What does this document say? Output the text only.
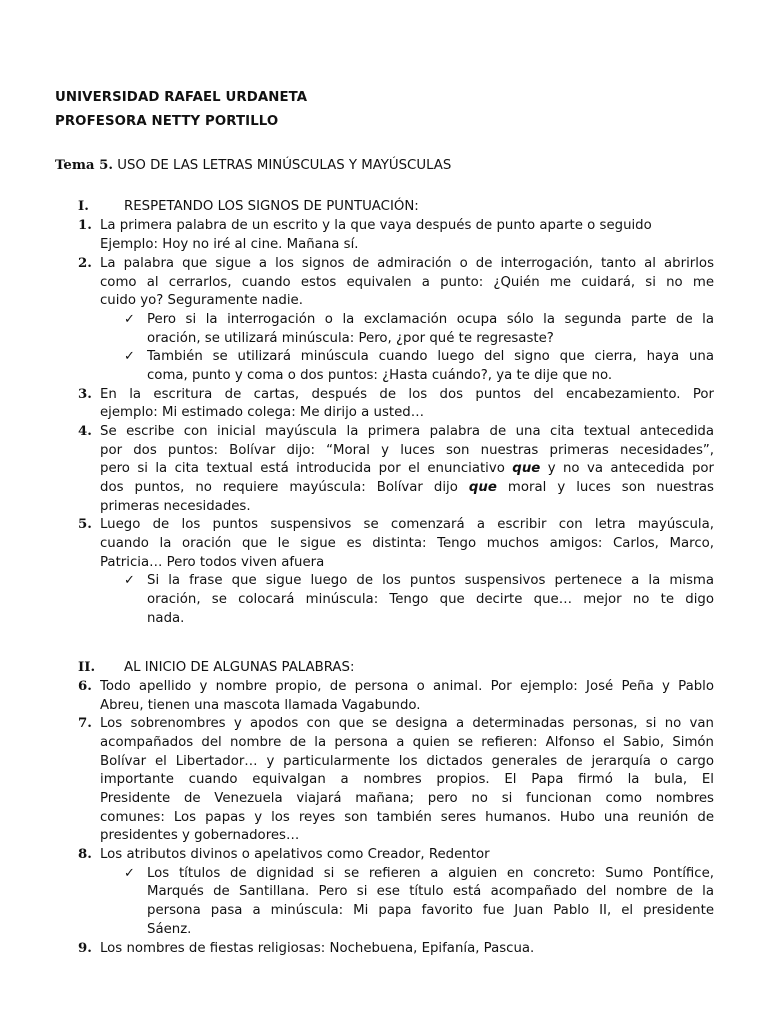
UNIVERSIDAD RAFAEL URDANETA
PROFESORA NETTY PORTILLO
Tema 5. USO DE LAS LETRAS MINÚSCULAS Y MAYÚSCULAS
I.	RESPETANDO LOS SIGNOS DE PUNTUACIÓN:
1. La primera palabra de un escrito y la que vaya después de punto aparte o seguido
Ejemplo: Hoy no iré al cine. Mañana sí.
2. La palabra que sigue a los signos de admiración o de interrogación, tanto al abrirlos
como al cerrarlos, cuando estos equivalen a punto: ¿Quién me cuidará, si no me
cuido yo? Seguramente nadie.
✓ Pero si la interrogación o la exclamación ocupa sólo la segunda parte de la
oración, se utilizará minúscula: Pero, ¿por qué te regresaste?
✓ También se utilizará minúscula cuando luego del signo que cierra, haya una
coma, punto y coma o dos puntos: ¿Hasta cuándo?, ya te dije que no.
3. En la escritura de cartas, después de los dos puntos del encabezamiento. Por
ejemplo: Mi estimado colega: Me dirijo a usted…
4. Se escribe con inicial mayúscula la primera palabra de una cita textual antecedida
por dos puntos: Bolívar dijo: “Moral y luces son nuestras primeras necesidades”,
pero si la cita textual está introducida por el enunciativo que y no va antecedida por
dos puntos, no requiere mayúscula: Bolívar dijo que moral y luces son nuestras
primeras necesidades.
5. Luego de los puntos suspensivos se comenzará a escribir con letra mayúscula,
cuando la oración que le sigue es distinta: Tengo muchos amigos: Carlos, Marco,
Patricia… Pero todos viven afuera
✓ Si la frase que sigue luego de los puntos suspensivos pertenece a la misma
oración, se colocará minúscula: Tengo que decirte que… mejor no te digo
nada.
II. AL INICIO DE ALGUNAS PALABRAS:
6. Todo apellido y nombre propio, de persona o animal. Por ejemplo: José Peña y Pablo
Abreu, tienen una mascota llamada Vagabundo.
7. Los sobrenombres y apodos con que se designa a determinadas personas, si no van
acompañados del nombre de la persona a quien se refieren: Alfonso el Sabio, Simón
Bolívar el Libertador… y particularmente los dictados generales de jerarquía o cargo
importante cuando equivalgan a nombres propios. El Papa firmó la bula, El
Presidente de Venezuela viajará mañana; pero no si funcionan como nombres
comunes: Los papas y los reyes son también seres humanos. Hubo una reunión de
presidentes y gobernadores…
8. Los atributos divinos o apelativos como Creador, Redentor
✓ Los títulos de dignidad si se refieren a alguien en concreto: Sumo Pontífice,
Marqués de Santillana. Pero si ese título está acompañado del nombre de la
persona pasa a minúscula: Mi papa favorito fue Juan Pablo II, el presidente
Sáenz.
9. Los nombres de fiestas religiosas: Nochebuena, Epifanía, Pascua.
